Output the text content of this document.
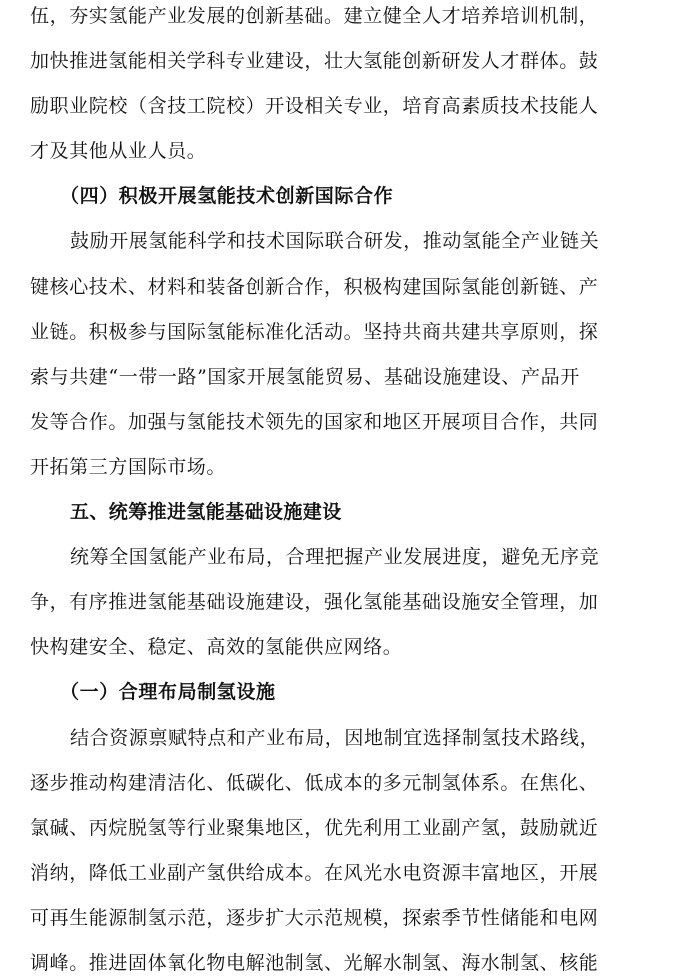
伍，夯实氢能产业发展的创新基础。建立健全人才培养培训机制，
加快推进氢能相关学科专业建设，壮大氢能创新研发人才群体。鼓
励职业院校（含技工院校）开设相关专业，培育高素质技术技能人
才及其他从业人员。
（四）积极开展氢能技术创新国际合作
鼓励开展氢能科学和技术国际联合研发，推动氢能全产业链关
键核心技术、材料和装备创新合作，积极构建国际氢能创新链、产
业链。积极参与国际氢能标准化活动。坚持共商共建共享原则，探
索与共建“一带一路”国家开展氢能贸易、基础设施建设、产品开
发等合作。加强与氢能技术领先的国家和地区开展项目合作，共同
开拓第三方国际市场。
五、统筹推进氢能基础设施建设
统筹全国氢能产业布局，合理把握产业发展进度，避免无序竞
争，有序推进氢能基础设施建设，强化氢能基础设施安全管理，加
快构建安全、稳定、高效的氢能供应网络。
（一）合理布局制氢设施
结合资源禀赋特点和产业布局，因地制宜选择制氢技术路线，
逐步推动构建清洁化、低碳化、低成本的多元制氢体系。在焦化、
氯碱、丙烷脱氢等行业聚集地区，优先利用工业副产氢，鼓励就近
消纳，降低工业副产氢供给成本。在风光水电资源丰富地区，开展
可再生能源制氢示范，逐步扩大示范规模，探索季节性储能和电网
调峰。推进固体氧化物电解池制氢、光解水制氢、海水制氢、核能
